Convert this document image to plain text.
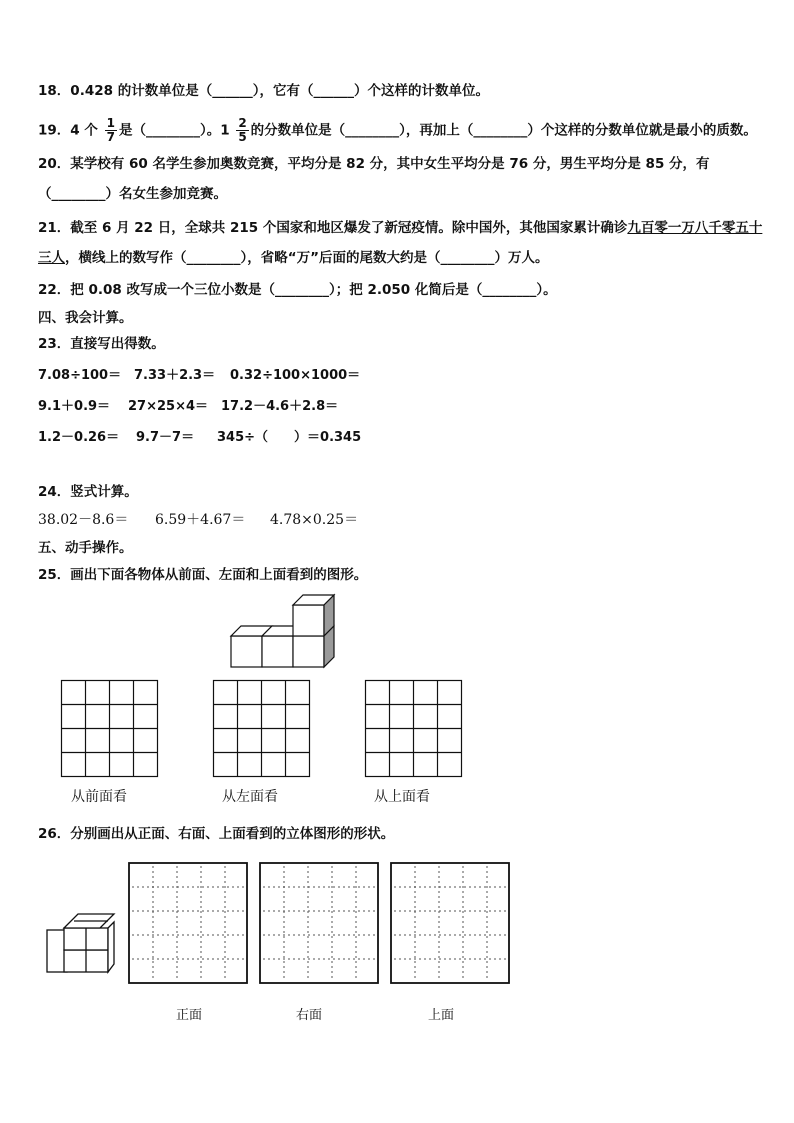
18．0.428 的计数单位是（______），它有（______）个这样的计数单位。
19．4 个 $\frac{1}{7}$ 是（________）。$1 \frac{2}{5}$ 的分数单位是（________），再加上（________）个这样的分数单位就是最小的质数。
20．某学校有 60 名学生参加奥数竞赛，平均分是 82 分，其中女生平均分是 76 分，男生平均分是 85 分，有
（________）名女生参加竞赛。
21．截至 6 月 22 日，全球共 215 个国家和地区爆发了新冠疫情。除中国外，其他国家累计确诊九百零一万八千零五十
三人，横线上的数写作（________），省略“万”后面的尾数大约是（________）万人。
22．把 0.08 改写成一个三位小数是（________）；把 2.050 化简后是（________）。
四、我会计算。
23．直接写出得数。
7.08÷100＝ 7.33＋2.3＝ 0.32÷100×1000＝
9.1＋0.9＝ 27×25×4＝ 17.2－4.6＋2.8＝
1.2－0.26＝ 9.7－7＝ 345÷（　　）＝0.345
24．竖式计算。
38.02－8.6＝ 6.59＋4.67＝ 4.78×0.25＝
五、动手操作。
25．画出下面各物体从前面、左面和上面看到的图形。
从前面看	从左面看	从上面看
26．分别画出从正面、右面、上面看到的立体图形的形状。
正面	右面	上面
